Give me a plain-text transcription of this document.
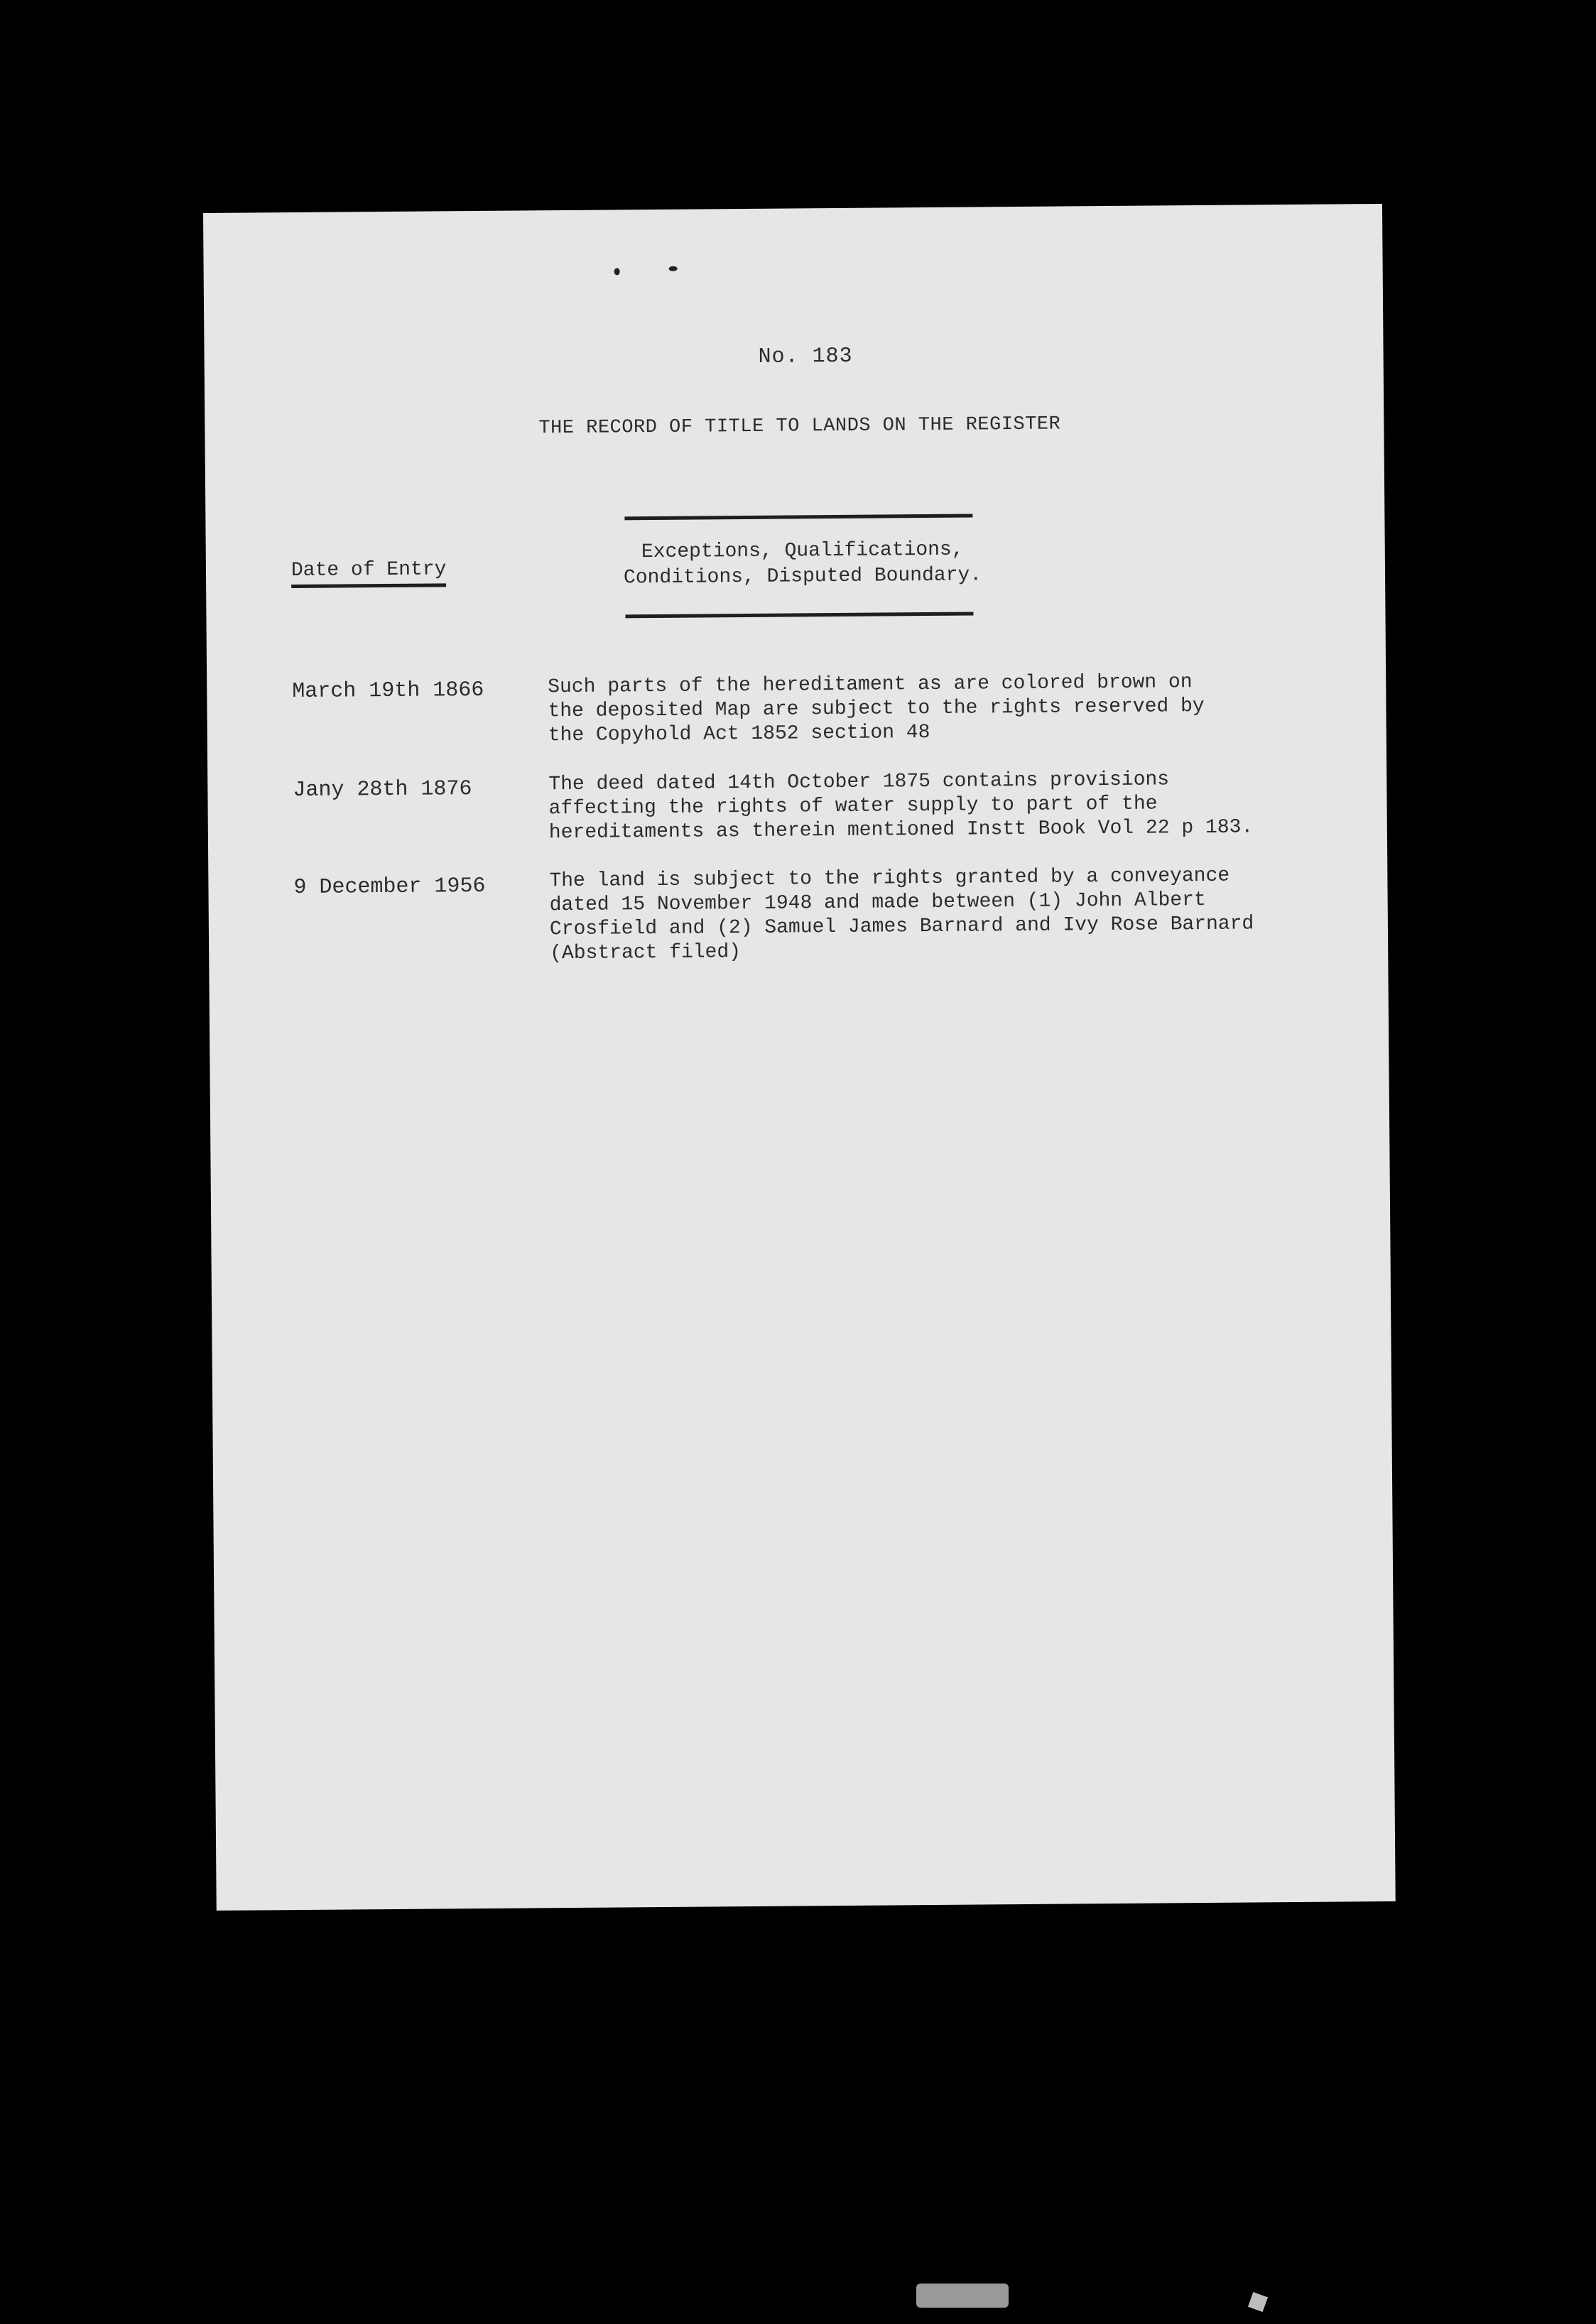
No. 183
THE RECORD OF TITLE TO LANDS ON THE REGISTER
Date of Entry
Exceptions, Qualifications,
Conditions, Disputed Boundary.
March 19th 1866	Such parts of the hereditament as are colored brown on
the deposited Map are subject to the rights reserved by
the Copyhold Act 1852 section 48
Jany 28th 1876	The deed dated 14th October 1875 contains provisions
affecting the rights of water supply to part of the
hereditaments as therein mentioned Instt Book Vol 22 p 183.
9 December 1956	The land is subject to the rights granted by a conveyance
dated 15 November 1948 and made between (1) John Albert
Crosfield and (2) Samuel James Barnard and Ivy Rose Barnard
(Abstract filed)
